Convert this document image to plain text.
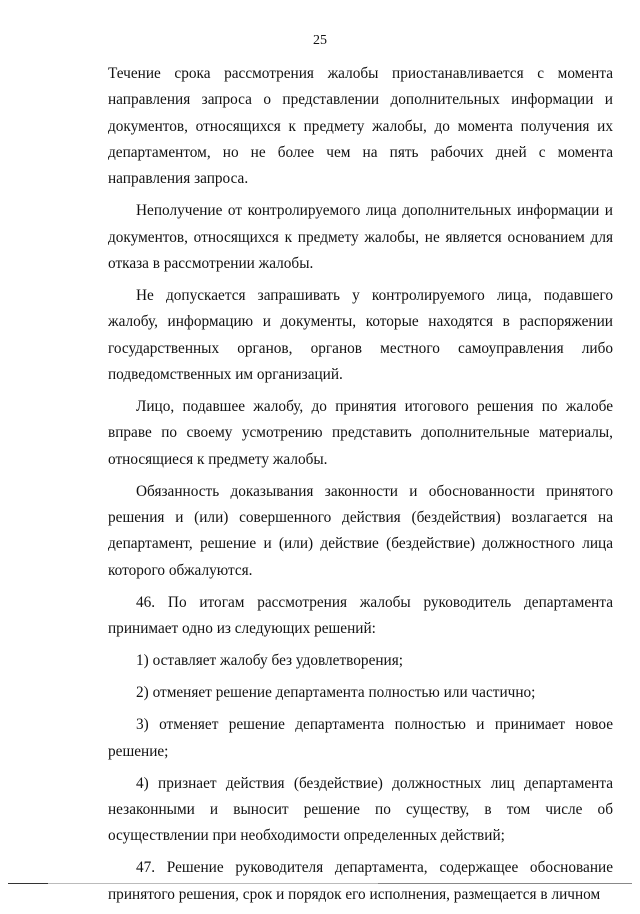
25

Течение срока рассмотрения жалобы приостанавливается с момента направления запроса о представлении дополнительных информации и документов, относящихся к предмету жалобы, до момента получения их департаментом, но не более чем на пять рабочих дней с момента направления запроса.

Неполучение от контролируемого лица дополнительных информации и документов, относящихся к предмету жалобы, не является основанием для отказа в рассмотрении жалобы.

Не допускается запрашивать у контролируемого лица, подавшего жалобу, информацию и документы, которые находятся в распоряжении государственных органов, органов местного самоуправления либо подведомственных им организаций.

Лицо, подавшее жалобу, до принятия итогового решения по жалобе вправе по своему усмотрению представить дополнительные материалы, относящиеся к предмету жалобы.

Обязанность доказывания законности и обоснованности принятого решения и (или) совершенного действия (бездействия) возлагается на департамент, решение и (или) действие (бездействие) должностного лица которого обжалуются.

46. По итогам рассмотрения жалобы руководитель департамента принимает одно из следующих решений:

1) оставляет жалобу без удовлетворения;

2) отменяет решение департамента полностью или частично;

3) отменяет решение департамента полностью и принимает новое решение;

4) признает действия (бездействие) должностных лиц департамента незаконными и выносит решение по существу, в том числе об осуществлении при необходимости определенных действий;

47. Решение руководителя департамента, содержащее обоснование принятого решения, срок и порядок его исполнения, размещается в личном
